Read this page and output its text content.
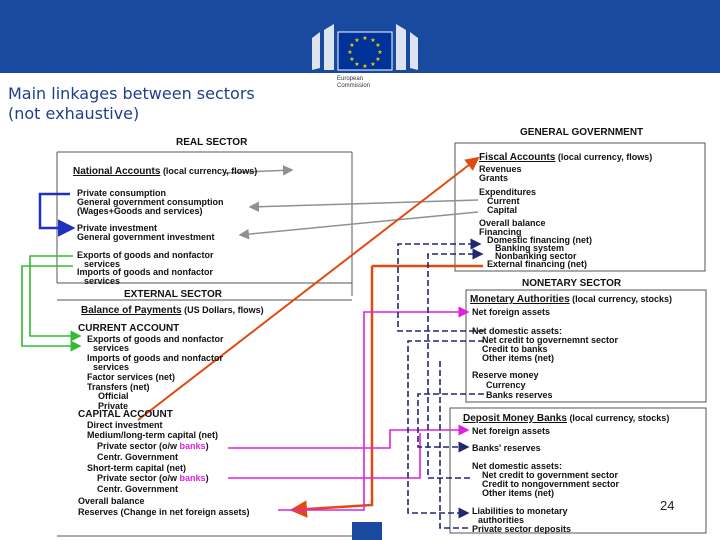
★ ★
★
★
★
★
★
★
★
★
★
★
European
Commission
Main linkages between sectors
(not exhaustive)
REAL SECTOR
National Accounts (local currency, flows)
Private consumption
General government consumption
(Wages+Goods and services)
Private investment
General government investment
Exports of goods and nonfactor
services
Imports of goods and nonfactor
services
EXTERNAL SECTOR
Balance of Payments (US Dollars, flows)
CURRENT ACCOUNT
Exports of goods and nonfactor
services
Imports of goods and nonfactor
services
Factor services (net)
Transfers (net)
Official
Private
CAPITAL ACCOUNT
Direct investment
Medium/long-term capital (net)
Private sector (o/w banks)
Centr. Government
Short-term capital (net)
Private sector (o/w banks)
Centr. Government
Overall balance
Reserves (Change in net foreign assets)
GENERAL GOVERNMENT
Fiscal Accounts (local currency, flows)
Revenues
Grants
Expenditures
Current
Capital
Overall balance
Financing
Domestic financing (net)
Banking system
Nonbanking sector
External financing (net)
NONETARY SECTOR
Monetary Authorities (local currency, stocks)
Net foreign assets
Net domestic assets:
Net credit to governemnt sector
Credit to banks
Other items (net)
Reserve money
Currency
Banks reserves
Deposit Money Banks (local currency, stocks)
Net foreign assets
Banks' reserves
Net domestic assets:
Net credit to government sector
Credit to nongovernment sector
Other items (net)
Liabilities to monetary
authorities
Private sector deposits
24
